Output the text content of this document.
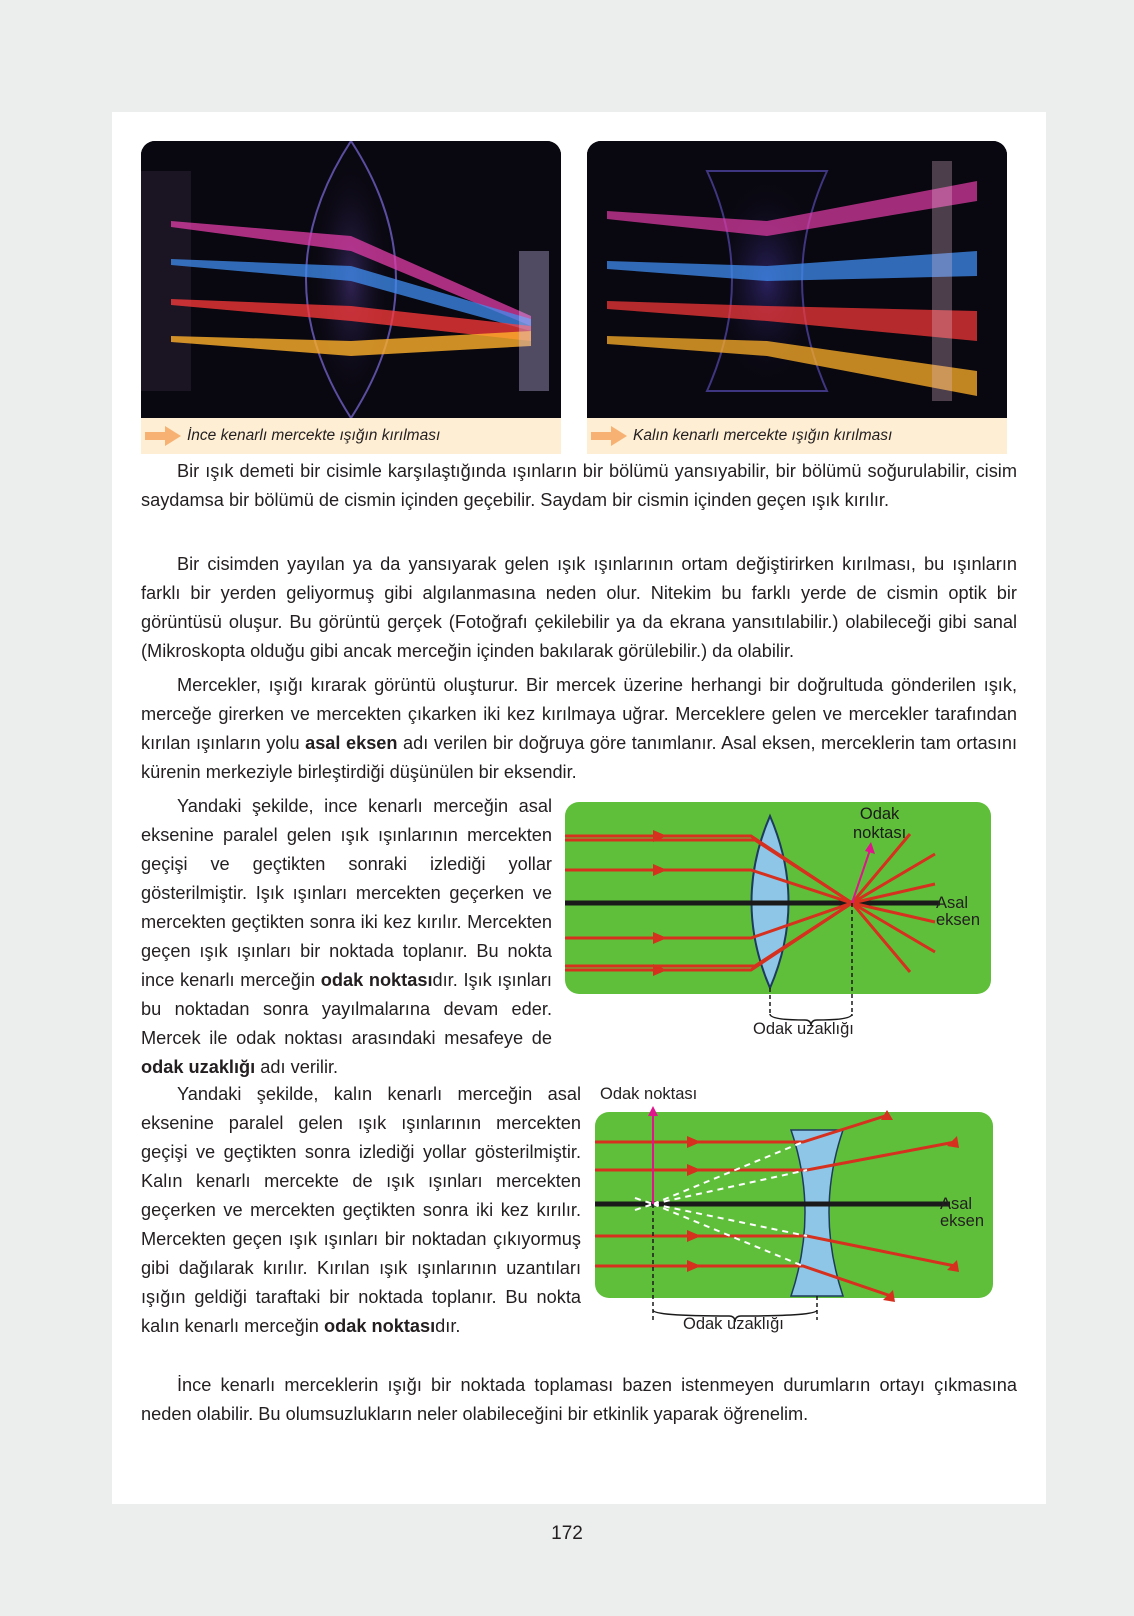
İnce kenarlı mercekte ışığın kırılması	Kalın kenarlı mercekte ışığın kırılması

Bir ışık demeti bir cisimle karşılaştığında ışınların bir bölümü yansıyabilir, bir bölümü soğurulabilir, cisim saydamsa bir bölümü de cismin içinden geçebilir. Saydam bir cismin içinden geçen ışık kırılır.

Bir cisimden yayılan ya da yansıyarak gelen ışık ışınlarının ortam değiştirirken kırılması, bu ışınların farklı bir yerden geliyormuş gibi algılanmasına neden olur. Nitekim bu farklı yerde de cismin optik bir görüntüsü oluşur. Bu görüntü gerçek (Fotoğrafı çekilebilir ya da ekrana yansıtılabilir.) olabileceği gibi sanal (Mikroskopta olduğu gibi ancak merceğin içinden bakılarak görülebilir.) da olabilir.

Mercekler, ışığı kırarak görüntü oluşturur. Bir mercek üzerine herhangi bir doğrultuda gönderilen ışık, merceğe girerken ve mercekten çıkarken iki kez kırılmaya uğrar. Merceklere gelen ve mercekler tarafından kırılan ışınların yolu asal eksen adı verilen bir doğruya göre tanımlanır. Asal eksen, merceklerin tam ortasını kürenin merkeziyle birleştirdiği düşünülen bir eksendir.

Yandaki şekilde, ince kenarlı merceğin asal eksenine paralel gelen ışık ışınlarının mercekten geçişi ve geçtikten sonraki izlediği yollar gösterilmiştir. Işık ışınları mercekten geçerken ve mercekten geçtikten sonra iki kez kırılır. Mercekten geçen ışık ışınları bir noktada toplanır. Bu nokta ince kenarlı merceğin odak noktasıdır. Işık ışınları bu noktadan sonra yayılmalarına devam eder. Mercek ile odak noktası arasındaki mesafeye de odak uzaklığı adı verilir.

Odak
noktası
Asal
eksen
Odak uzaklığı

Yandaki şekilde, kalın kenarlı merceğin asal eksenine paralel gelen ışık ışınlarının mercekten geçişi ve geçtikten sonra izlediği yollar gösterilmiştir. Kalın kenarlı mercekte de ışık ışınları mercekten geçerken ve mercekten geçtikten sonra iki kez kırılır. Mercekten geçen ışık ışınları bir noktadan çıkıyormuş gibi dağılarak kırılır. Kırılan ışık ışınlarının uzantıları ışığın geldiği taraftaki bir noktada toplanır. Bu nokta kalın kenarlı merceğin odak noktasıdır.

Odak noktası
Asal
eksen
Odak uzaklığı

İnce kenarlı merceklerin ışığı bir noktada toplaması bazen istenmeyen durumların ortayı çıkmasına neden olabilir. Bu olumsuzlukların neler olabileceğini bir etkinlik yaparak öğrenelim.

172
